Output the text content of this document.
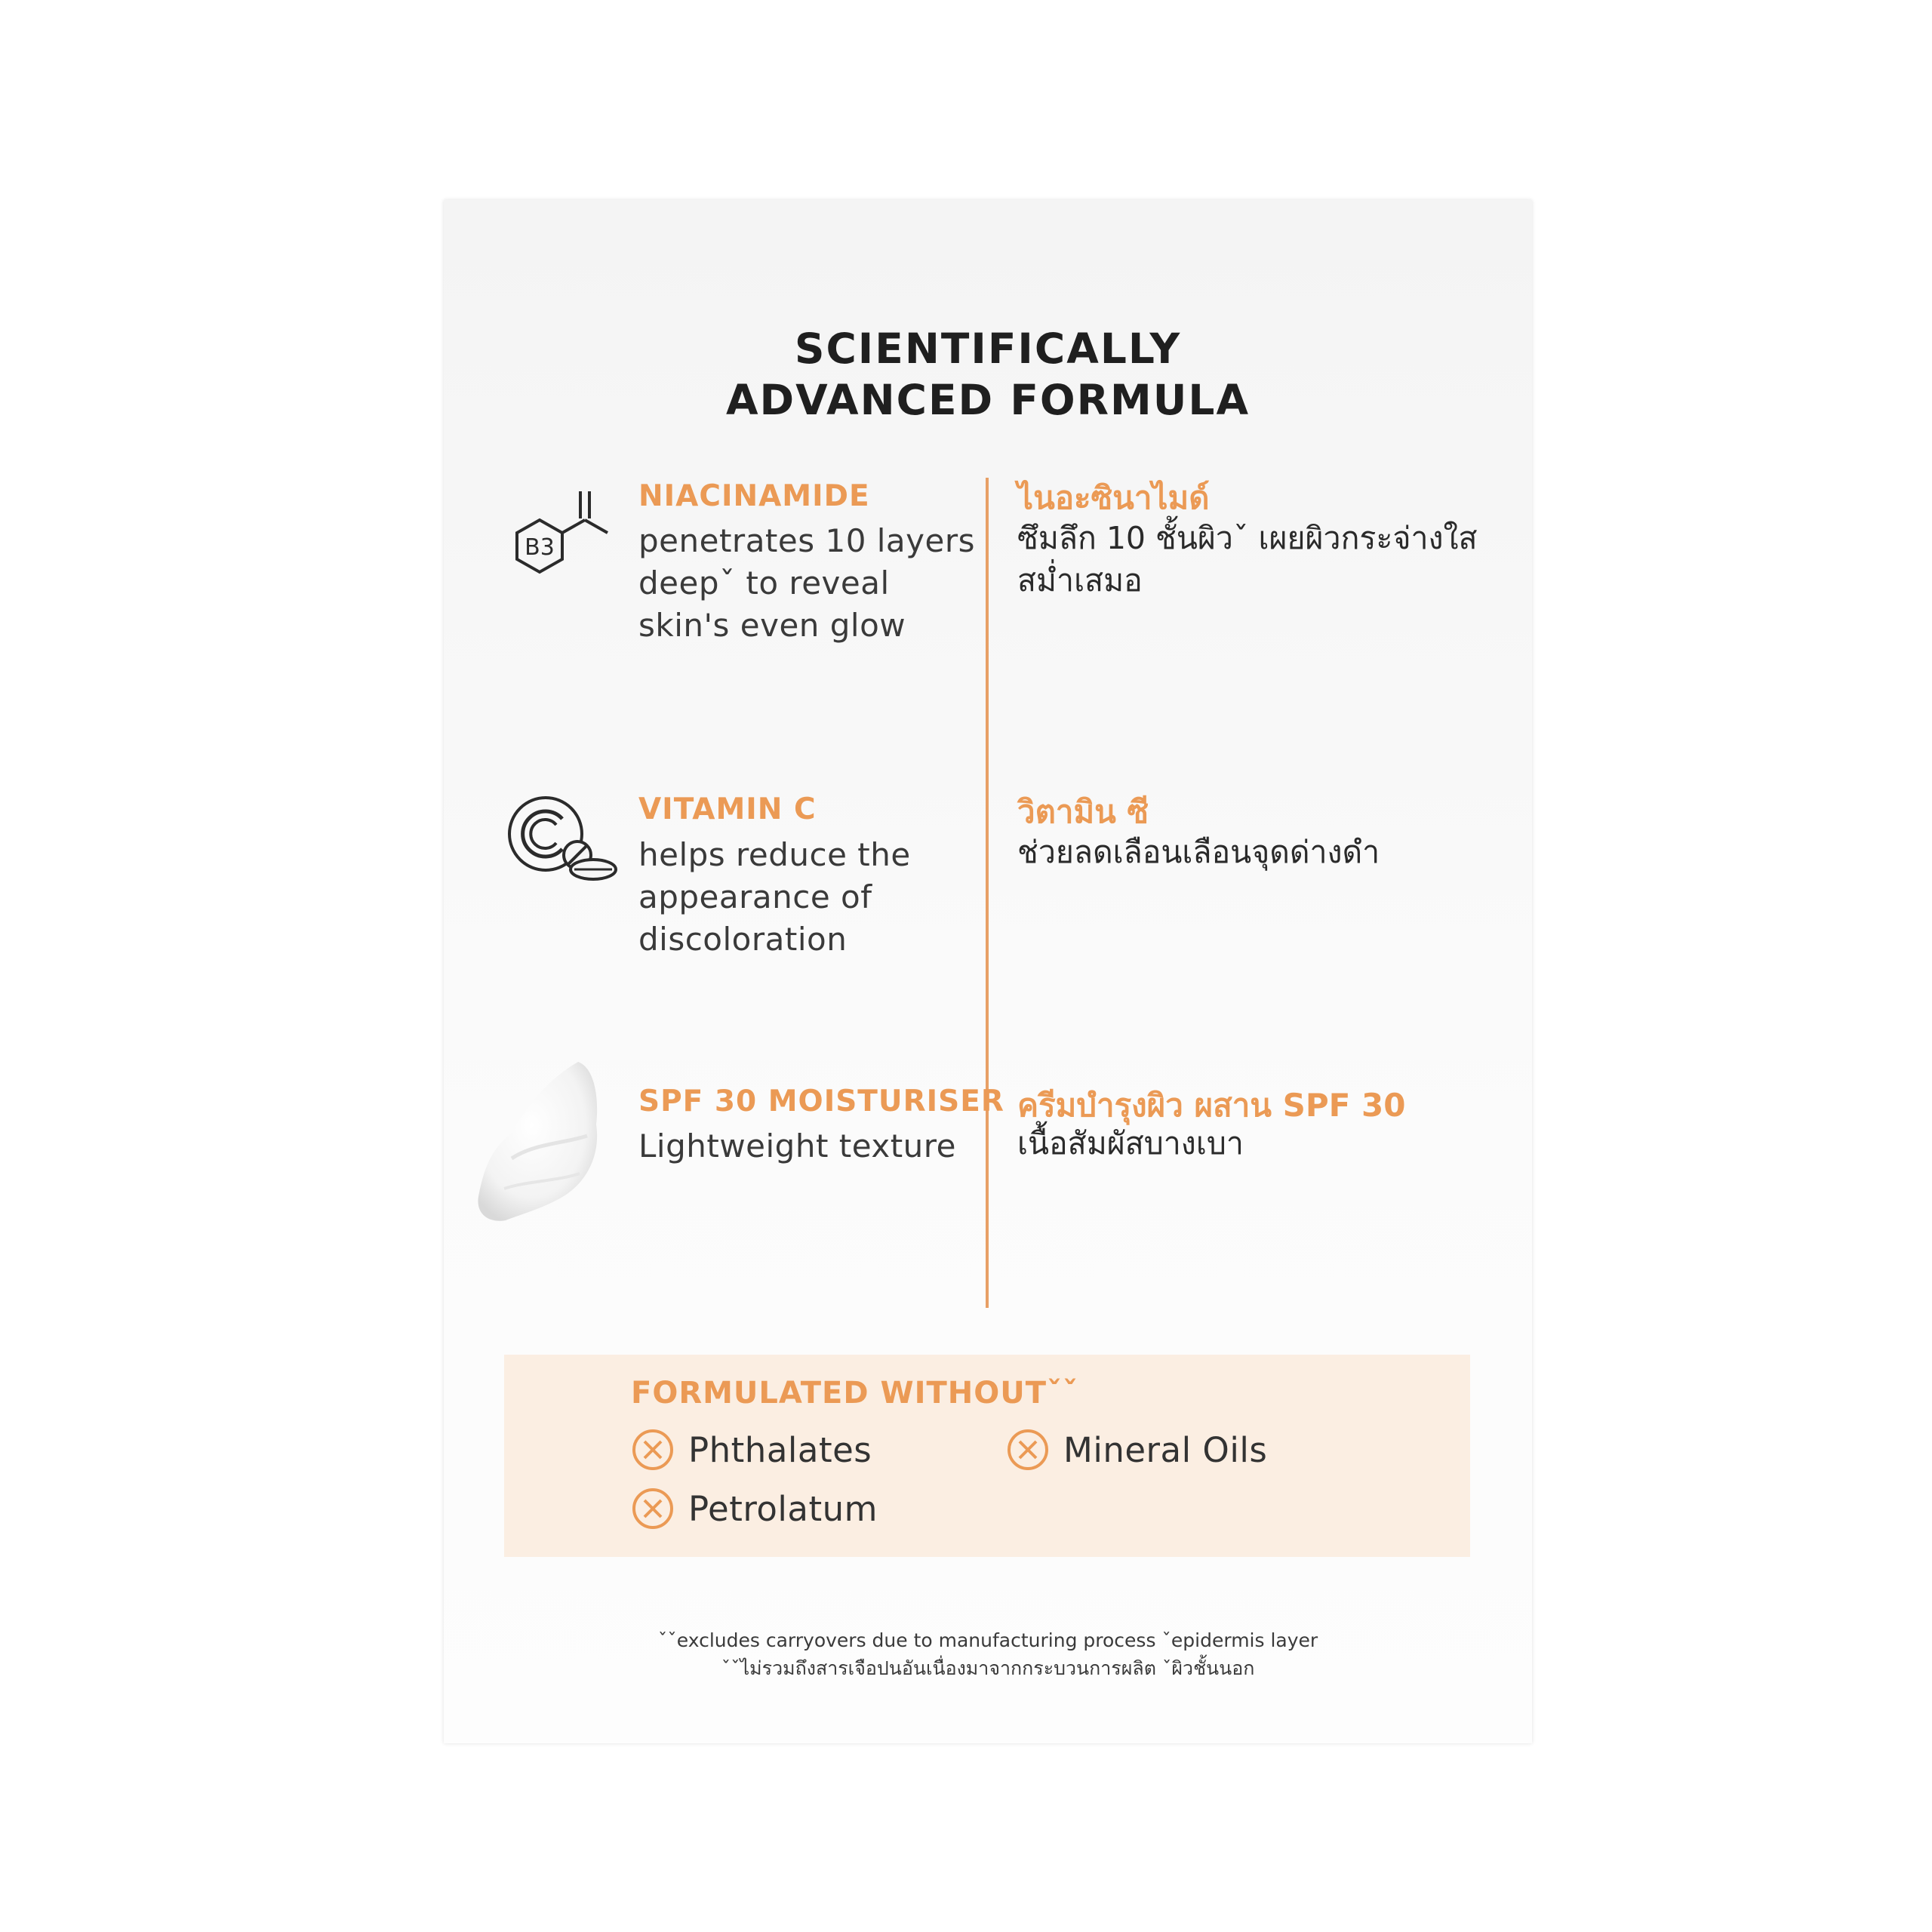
SCIENTIFICALLY
ADVANCED FORMULA
B3
NIACINAMIDE
penetrates 10 layers
deepˇ to reveal
skin's even glow
ไนอะซินาไมด์
ซึมลึก 10 ชั้นผิวˇ เผยผิวกระจ่างใส
สม่ำเสมอ
VITAMIN C
helps reduce the
appearance of
discoloration
วิตามิน ซี
ช่วยลดเลือนเลือนจุดด่างดำ
SPF 30 MOISTURISER
Lightweight texture
ครีมบำรุงผิว ผสาน SPF 30
เนื้อสัมผัสบางเบา
FORMULATED WITHOUTˇˇ
Phthalates	Mineral Oils
Petrolatum
ˇˇexcludes carryovers due to manufacturing process ˇepidermis layer
ˇˇไม่รวมถึงสารเจือปนอันเนื่องมาจากกระบวนการผลิต ˇผิวชั้นนอก
